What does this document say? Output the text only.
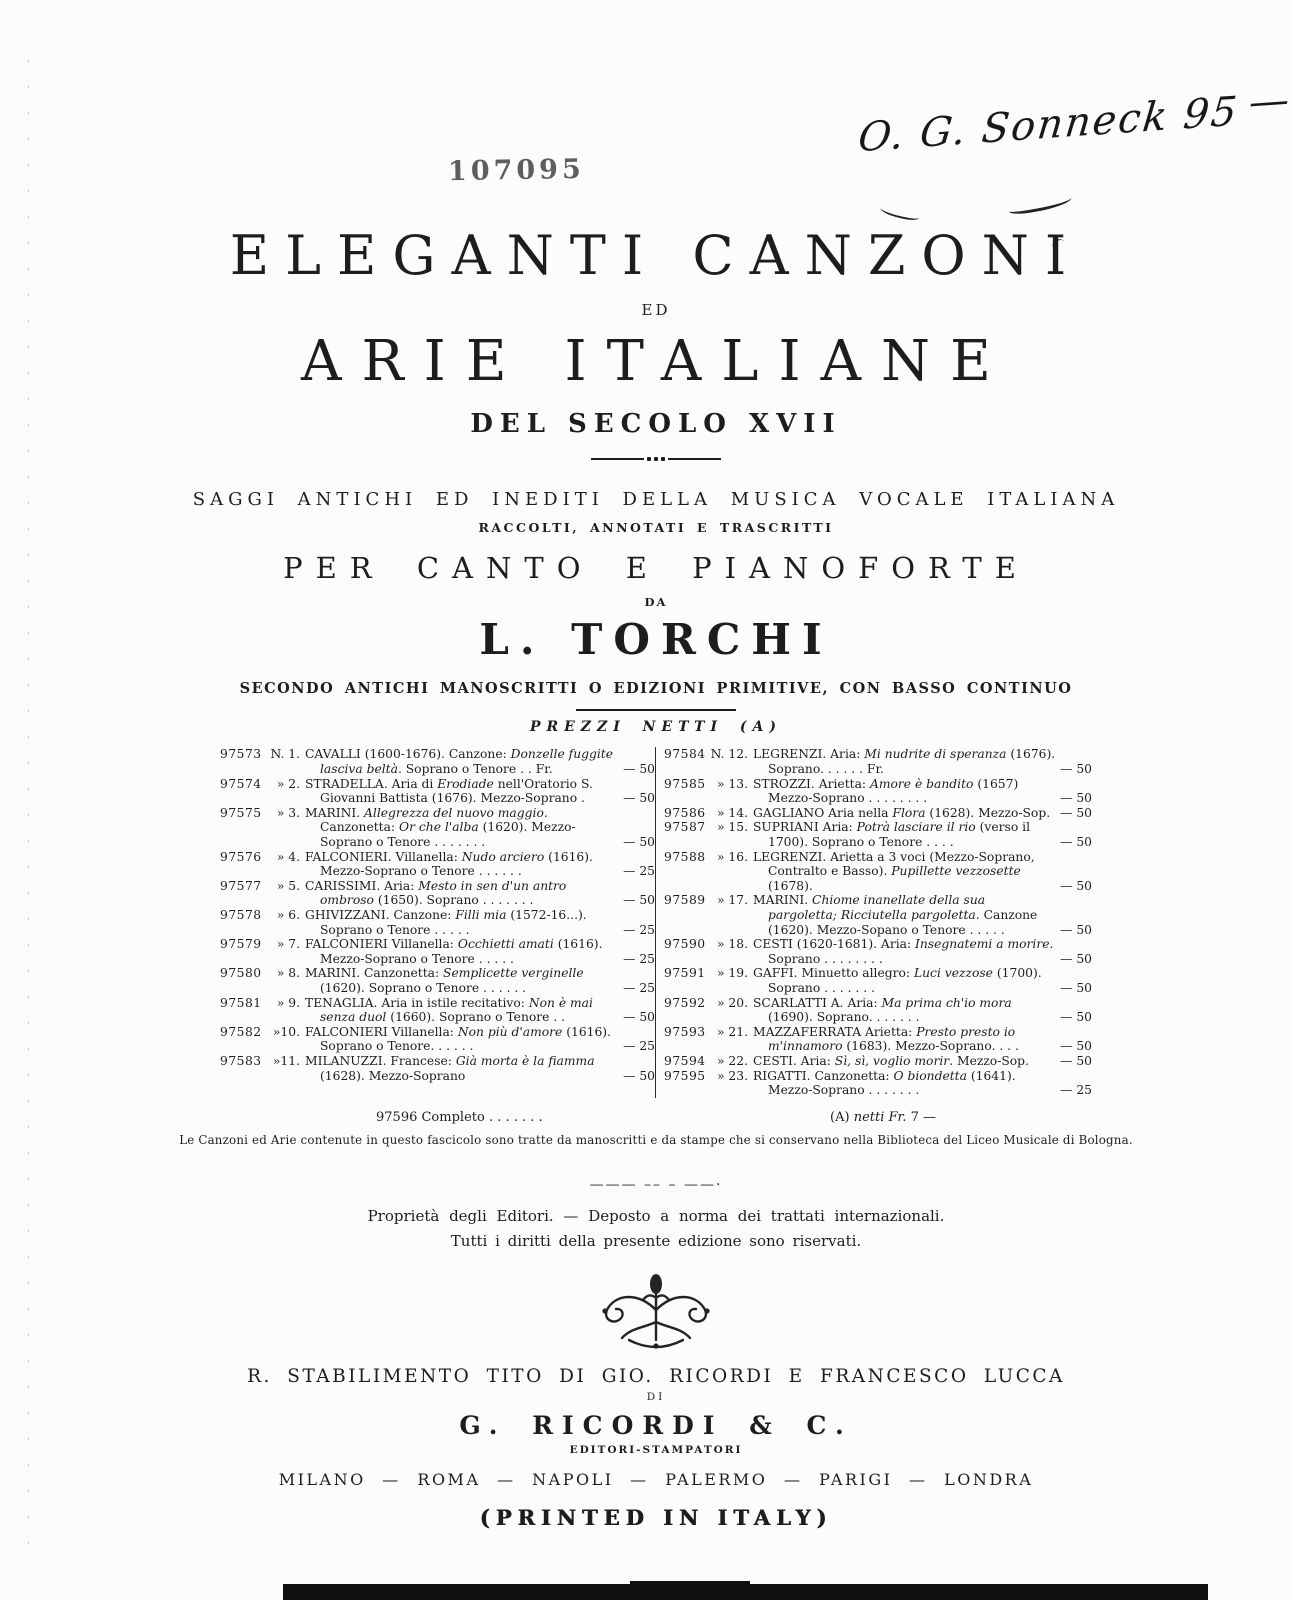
107095
O. G. Sonneck 95 —
ELEGANTI CANZONI
ED
ARIE ITALIANE
DEL SECOLO XVII
SAGGI ANTICHI ED INEDITI DELLA MUSICA VOCALE ITALIANA
RACCOLTI, ANNOTATI E TRASCRITTI
PER CANTO E PIANOFORTE
DA
L. TORCHI
SECONDO ANTICHI MANOSCRITTI O EDIZIONI PRIMITIVE, CON BASSO CONTINUO
PREZZI NETTI (A)
97573 N. 1. CAVALLI (1600-1676). Canzone: Donzelle fuggite lasciva beltà. Soprano o Tenore . . Fr.	— 50
97574	» 2. STRADELLA. Aria di Erodiade nell'Oratorio S. Giovanni Battista (1676). Mezzo-Soprano .	— 50
97575	» 3. MARINI. Allegrezza del nuovo maggio. Canzonetta: Or che l'alba (1620). Mezzo-Soprano o Tenore . . . . . . .	— 50
97576	» 4. FALCONIERI. Villanella: Nudo arciero (1616). Mezzo-Soprano o Tenore . . . . . .	— 25
97577	» 5. CARISSIMI. Aria: Mesto in sen d'un antro ombroso (1650). Soprano . . . . . . .	— 50
97578	» 6. GHIVIZZANI. Canzone: Filli mia (1572-16...). Soprano o Tenore . . . . .	— 25
97579	» 7. FALCONIERI Villanella: Occhietti amati (1616). Mezzo-Soprano o Tenore . . . . .	— 25
97580	» 8. MARINI. Canzonetta: Semplicette verginelle (1620). Soprano o Tenore . . . . . .	— 25
97581	» 9. TENAGLIA. Aria in istile recitativo: Non è mai senza duol (1660). Soprano o Tenore . .	— 50
97582 »10. FALCONIERI Villanella: Non più d'amore (1616). Soprano o Tenore. . . . . .	— 25
97583 »11. MILANUZZI. Francese: Già morta è la fiamma (1628). Mezzo-Soprano	— 50
97584 N. 12. LEGRENZI. Aria: Mi nudrite di speranza (1676). Soprano. . . . . . Fr.	— 50
97585 » 13. STROZZI. Arietta: Amore è bandito (1657) Mezzo-Soprano . . . . . . . .	— 50
97586 » 14. GAGLIANO Aria nella Flora (1628). Mezzo-Sop. — 50
97587 » 15. SUPRIANI Aria: Potrà lasciare il rio (verso il 1700). Soprano o Tenore . . . .	— 50
97588 » 16. LEGRENZI. Arietta a 3 voci (Mezzo-Soprano, Contralto e Basso). Pupillette vezzosette (1678).	— 50
97589 » 17. MARINI. Chiome inanellate della sua pargoletta; Ricciutella pargoletta. Canzone (1620). Mezzo-Sopano o Tenore . . . . .	— 50
97590 » 18. CESTI (1620-1681). Aria: Insegnatemi a morire. Soprano . . . . . . . .	— 50
97591 » 19. GAFFI. Minuetto allegro: Luci vezzose (1700). Soprano . . . . . . .	— 50
97592 » 20. SCARLATTI A. Aria: Ma prima ch'io mora (1690). Soprano. . . . . . .	— 50
97593 » 21. MAZZAFERRATA Arietta: Presto presto io m'innamoro (1683). Mezzo-Soprano. . . .	— 50
97594 » 22. CESTI. Aria: Sì, sì, voglio morir. Mezzo-Sop.	— 50
97595 » 23. RIGATTI. Canzonetta: O biondetta (1641). Mezzo-Soprano . . . . . . .	— 25
97596 Completo . . . . . . .	(A) netti Fr. 7 —
Le Canzoni ed Arie contenute in questo fascicolo sono tratte da manoscritti e da stampe che si conservano nella Biblioteca del Liceo Musicale di Bologna.
——— –– – ——·
Proprietà degli Editori. — Deposto a norma dei trattati internazionali.
Tutti i diritti della presente edizione sono riservati.
R. STABILIMENTO TITO DI GIO. RICORDI E FRANCESCO LUCCA
DI
G. RICORDI & C.
EDITORI-STAMPATORI
MILANO — ROMA — NAPOLI — PALERMO — PARIGI — LONDRA
(PRINTED IN ITALY)
